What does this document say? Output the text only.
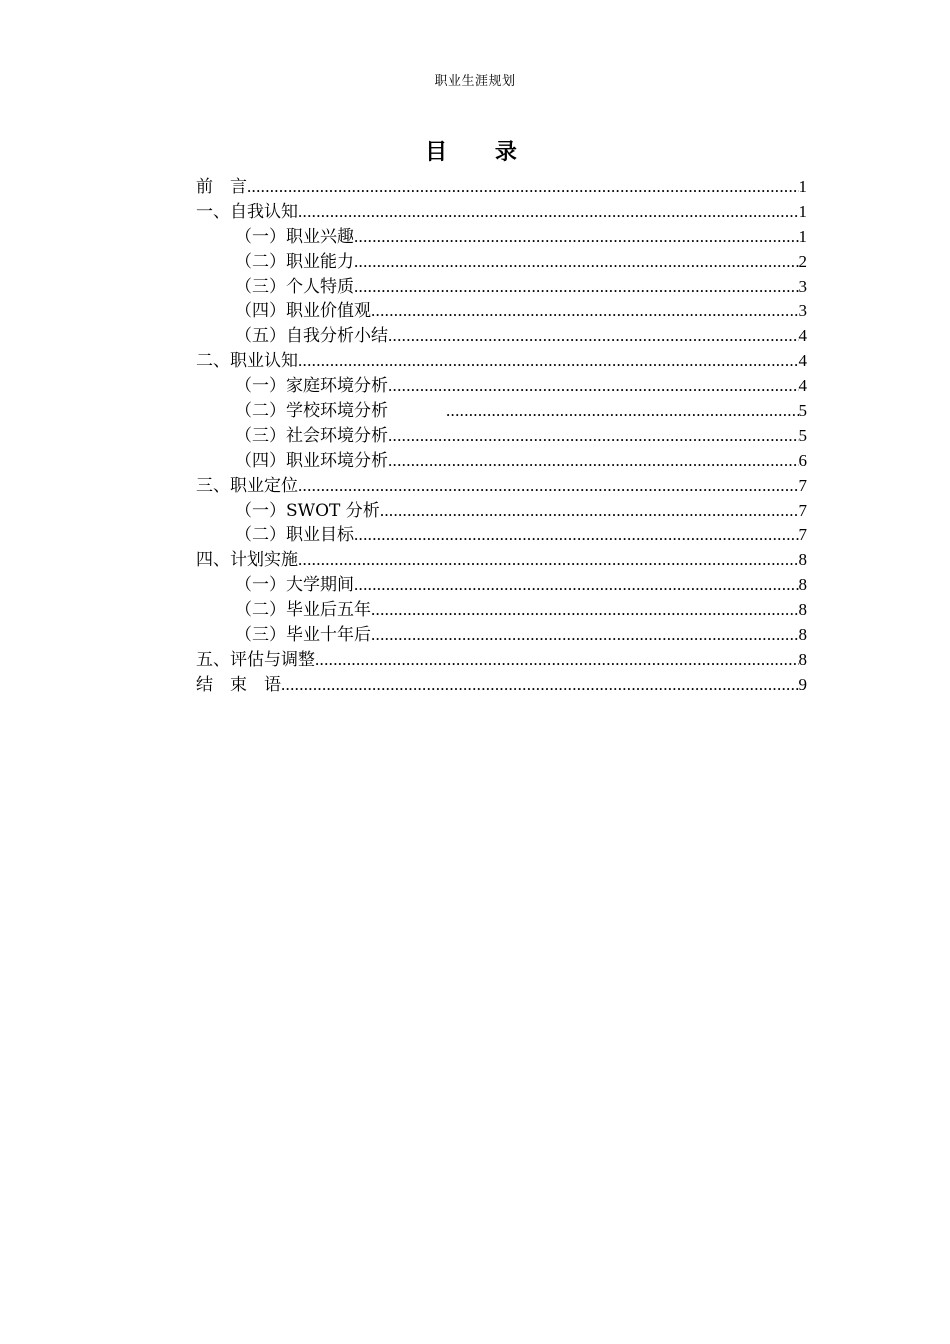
职业生涯规划
目 录
前　言 .....	1
一、自我认知 .....	1
（一）职业兴趣 .....	1
（二）职业能力 .....	2
（三）个人特质 .....	3
（四）职业价值观 .....	3
（五）自我分析小结 .....	4
二、职业认知 .....	4
（一）家庭环境分析 .....	4
（二）学校环境分析 .....	5
（三）社会环境分析 .....	5
（四）职业环境分析 .....	6
三、职业定位 .....	7
（一）SWOT 分析 .....	7
（二）职业目标 .....	7
四、计划实施 .....	8
（一）大学期间 .....	8
（二）毕业后五年 .....	8
（三）毕业十年后 .....	8
五、评估与调整 .....	8
结　束　语 .....	9
